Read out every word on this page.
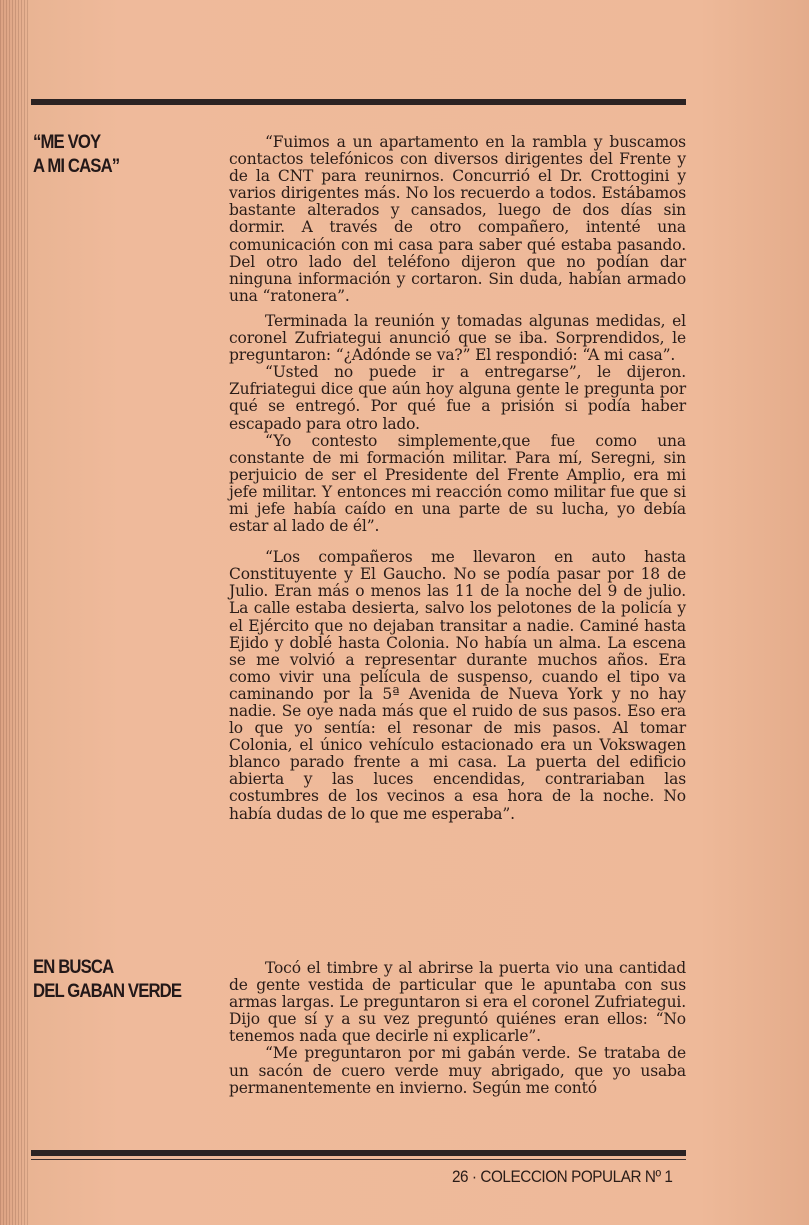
“ME VOY
A MI CASA”

“Fuimos a un apartamento en la rambla y buscamos contactos telefónicos con diversos dirigentes del Frente y de la CNT para reunirnos. Concurrió el Dr. Crottogini y varios dirigentes más. No los recuerdo a todos. Estábamos bastante alterados y cansados, luego de dos días sin dormir. A través de otro compañero, intenté una comunicación con mi casa para saber qué estaba pasando. Del otro lado del teléfono dijeron que no podían dar ninguna información y cortaron. Sin duda, habían armado una “ratonera”.

Terminada la reunión y tomadas algunas medidas, el coronel Zufriategui anunció que se iba. Sorprendidos, le preguntaron: “¿Adónde se va?” El respondió: “A mi casa”.

“Usted no puede ir a entregarse”, le dijeron. Zufriategui dice que aún hoy alguna gente le pregunta por qué se entregó. Por qué fue a prisión si podía haber escapado para otro lado.

“Yo contesto simplemente,que fue como una constante de mi formación militar. Para mí, Seregni, sin perjuicio de ser el Presidente del Frente Amplio, era mi jefe militar. Y entonces mi reacción como militar fue que si mi jefe había caído en una parte de su lucha, yo debía estar al lado de él”.

“Los compañeros me llevaron en auto hasta Constituyente y El Gaucho. No se podía pasar por 18 de Julio. Eran más o menos las 11 de la noche del 9 de julio. La calle estaba desierta, salvo los pelotones de la policía y el Ejército que no dejaban transitar a nadie. Caminé hasta Ejido y doblé hasta Colonia. No había un alma. La escena se me volvió a representar durante muchos años. Era como vivir una película de suspenso, cuando el tipo va caminando por la 5ª Avenida de Nueva York y no hay nadie. Se oye nada más que el ruido de sus pasos. Eso era lo que yo sentía: el resonar de mis pasos. Al tomar Colonia, el único vehículo estacionado era un Vokswagen blanco parado frente a mi casa. La puerta del edificio abierta y las luces encendidas, contrariaban las costumbres de los vecinos a esa hora de la noche. No había dudas de lo que me esperaba”.

EN BUSCA
DEL GABAN VERDE

Tocó el timbre y al abrirse la puerta vio una cantidad de gente vestida de particular que le apuntaba con sus armas largas. Le preguntaron si era el coronel Zufriategui. Dijo que sí y a su vez preguntó quiénes eran ellos: “No tenemos nada que decirle ni explicarle”.

“Me preguntaron por mi gabán verde. Se trataba de un sacón de cuero verde muy abrigado, que yo usaba permanentemente en invierno. Según me contó

26 · COLECCION POPULAR Nº 1
